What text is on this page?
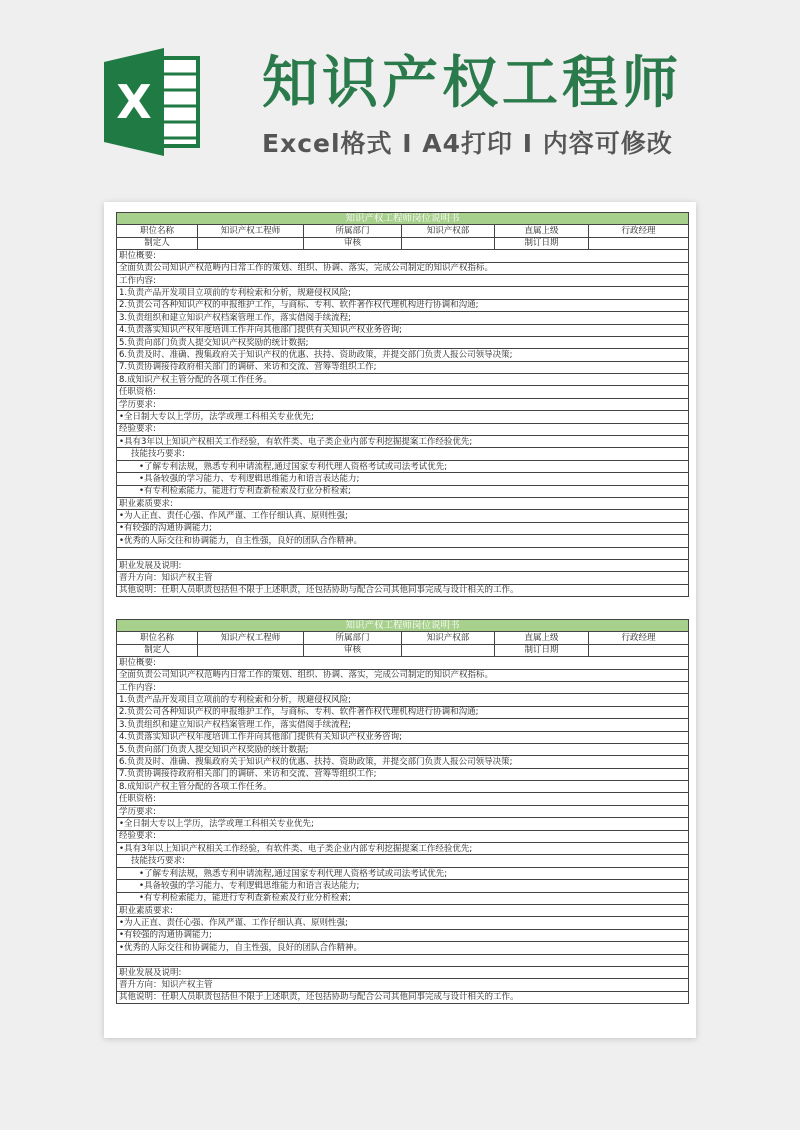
X 知识产权工程师
Excel格式 I A4打印 I 内容可修改
知识产权工程师岗位说明书					
职位名称	知识产权工程师	所属部门	知识产权部	直属上级	行政经理
制定人		审核		制订日期	
职位概要:					
全面负责公司知识产权范畴内日常工作的策划、组织、协调、落实，完成公司制定的知识产权指标。					
工作内容:					
1.负责产品开发项目立项前的专利检索和分析，规避侵权风险;					
2.负责公司各种知识产权的申报维护工作，与商标、专利、软件著作权代理机构进行协调和沟通;					
3.负责组织和建立知识产权档案管理工作，落实借阅手续流程;					
4.负责落实知识产权年度培训工作并向其他部门提供有关知识产权业务咨询;					
5.负责向部门负责人提交知识产权奖励的统计数据;					
6.负责及时、准确、搜集政府关于知识产权的优惠、扶持、资助政策，并提交部门负责人报公司领导决策;					
7.负责协调接待政府相关部门的调研、来访和交流、营筹等组织工作;					
8.成知识产权主管分配的各项工作任务。					
任职资格:					
学历要求:					
•全日制大专以上学历，法学或理工科相关专业优先;					
经验要求:					
•具有3年以上知识产权相关工作经验，有软件类、电子类企业内部专利挖掘提案工作经验优先;					
技能技巧要求:					
•了解专利法规，熟悉专利申请流程,通过国家专利代理人资格考试或司法考试优先;					
•具备较强的学习能力、专利逻辑思维能力和语言表达能力;					
•有专利检索能力，能进行专利查新检索及行业分析检索;					
职业素质要求:					
•为人正直、责任心强、作风严谨、工作仔细认真、原则性强;					
•有较强的沟通协调能力;					
•优秀的人际交往和协调能力，自主性强，良好的团队合作精神。					

职业发展及说明:					
晋升方向：知识产权主管					
其他说明：任职人员职责包括但不限于上述职责，还包括协助与配合公司其他同事完成与设计相关的工作。					
知识产权工程师岗位说明书					
职位名称	知识产权工程师	所属部门	知识产权部	直属上级	行政经理
制定人		审核		制订日期	
职位概要:					
全面负责公司知识产权范畴内日常工作的策划、组织、协调、落实，完成公司制定的知识产权指标。					
工作内容:					
1.负责产品开发项目立项前的专利检索和分析，规避侵权风险;					
2.负责公司各种知识产权的申报维护工作，与商标、专利、软件著作权代理机构进行协调和沟通;					
3.负责组织和建立知识产权档案管理工作，落实借阅手续流程;					
4.负责落实知识产权年度培训工作并向其他部门提供有关知识产权业务咨询;					
5.负责向部门负责人提交知识产权奖励的统计数据;					
6.负责及时、准确、搜集政府关于知识产权的优惠、扶持、资助政策，并提交部门负责人报公司领导决策;					
7.负责协调接待政府相关部门的调研、来访和交流、营筹等组织工作;					
8.成知识产权主管分配的各项工作任务。					
任职资格:					
学历要求:					
•全日制大专以上学历，法学或理工科相关专业优先;					
经验要求:					
•具有3年以上知识产权相关工作经验，有软件类、电子类企业内部专利挖掘提案工作经验优先;					
技能技巧要求:					
•了解专利法规，熟悉专利申请流程,通过国家专利代理人资格考试或司法考试优先;					
•具备较强的学习能力、专利逻辑思维能力和语言表达能力;					
•有专利检索能力，能进行专利查新检索及行业分析检索;					
职业素质要求:					
•为人正直、责任心强、作风严谨、工作仔细认真、原则性强;					
•有较强的沟通协调能力;					
•优秀的人际交往和协调能力，自主性强，良好的团队合作精神。					

职业发展及说明:					
晋升方向：知识产权主管					
其他说明：任职人员职责包括但不限于上述职责，还包括协助与配合公司其他同事完成与设计相关的工作。					
